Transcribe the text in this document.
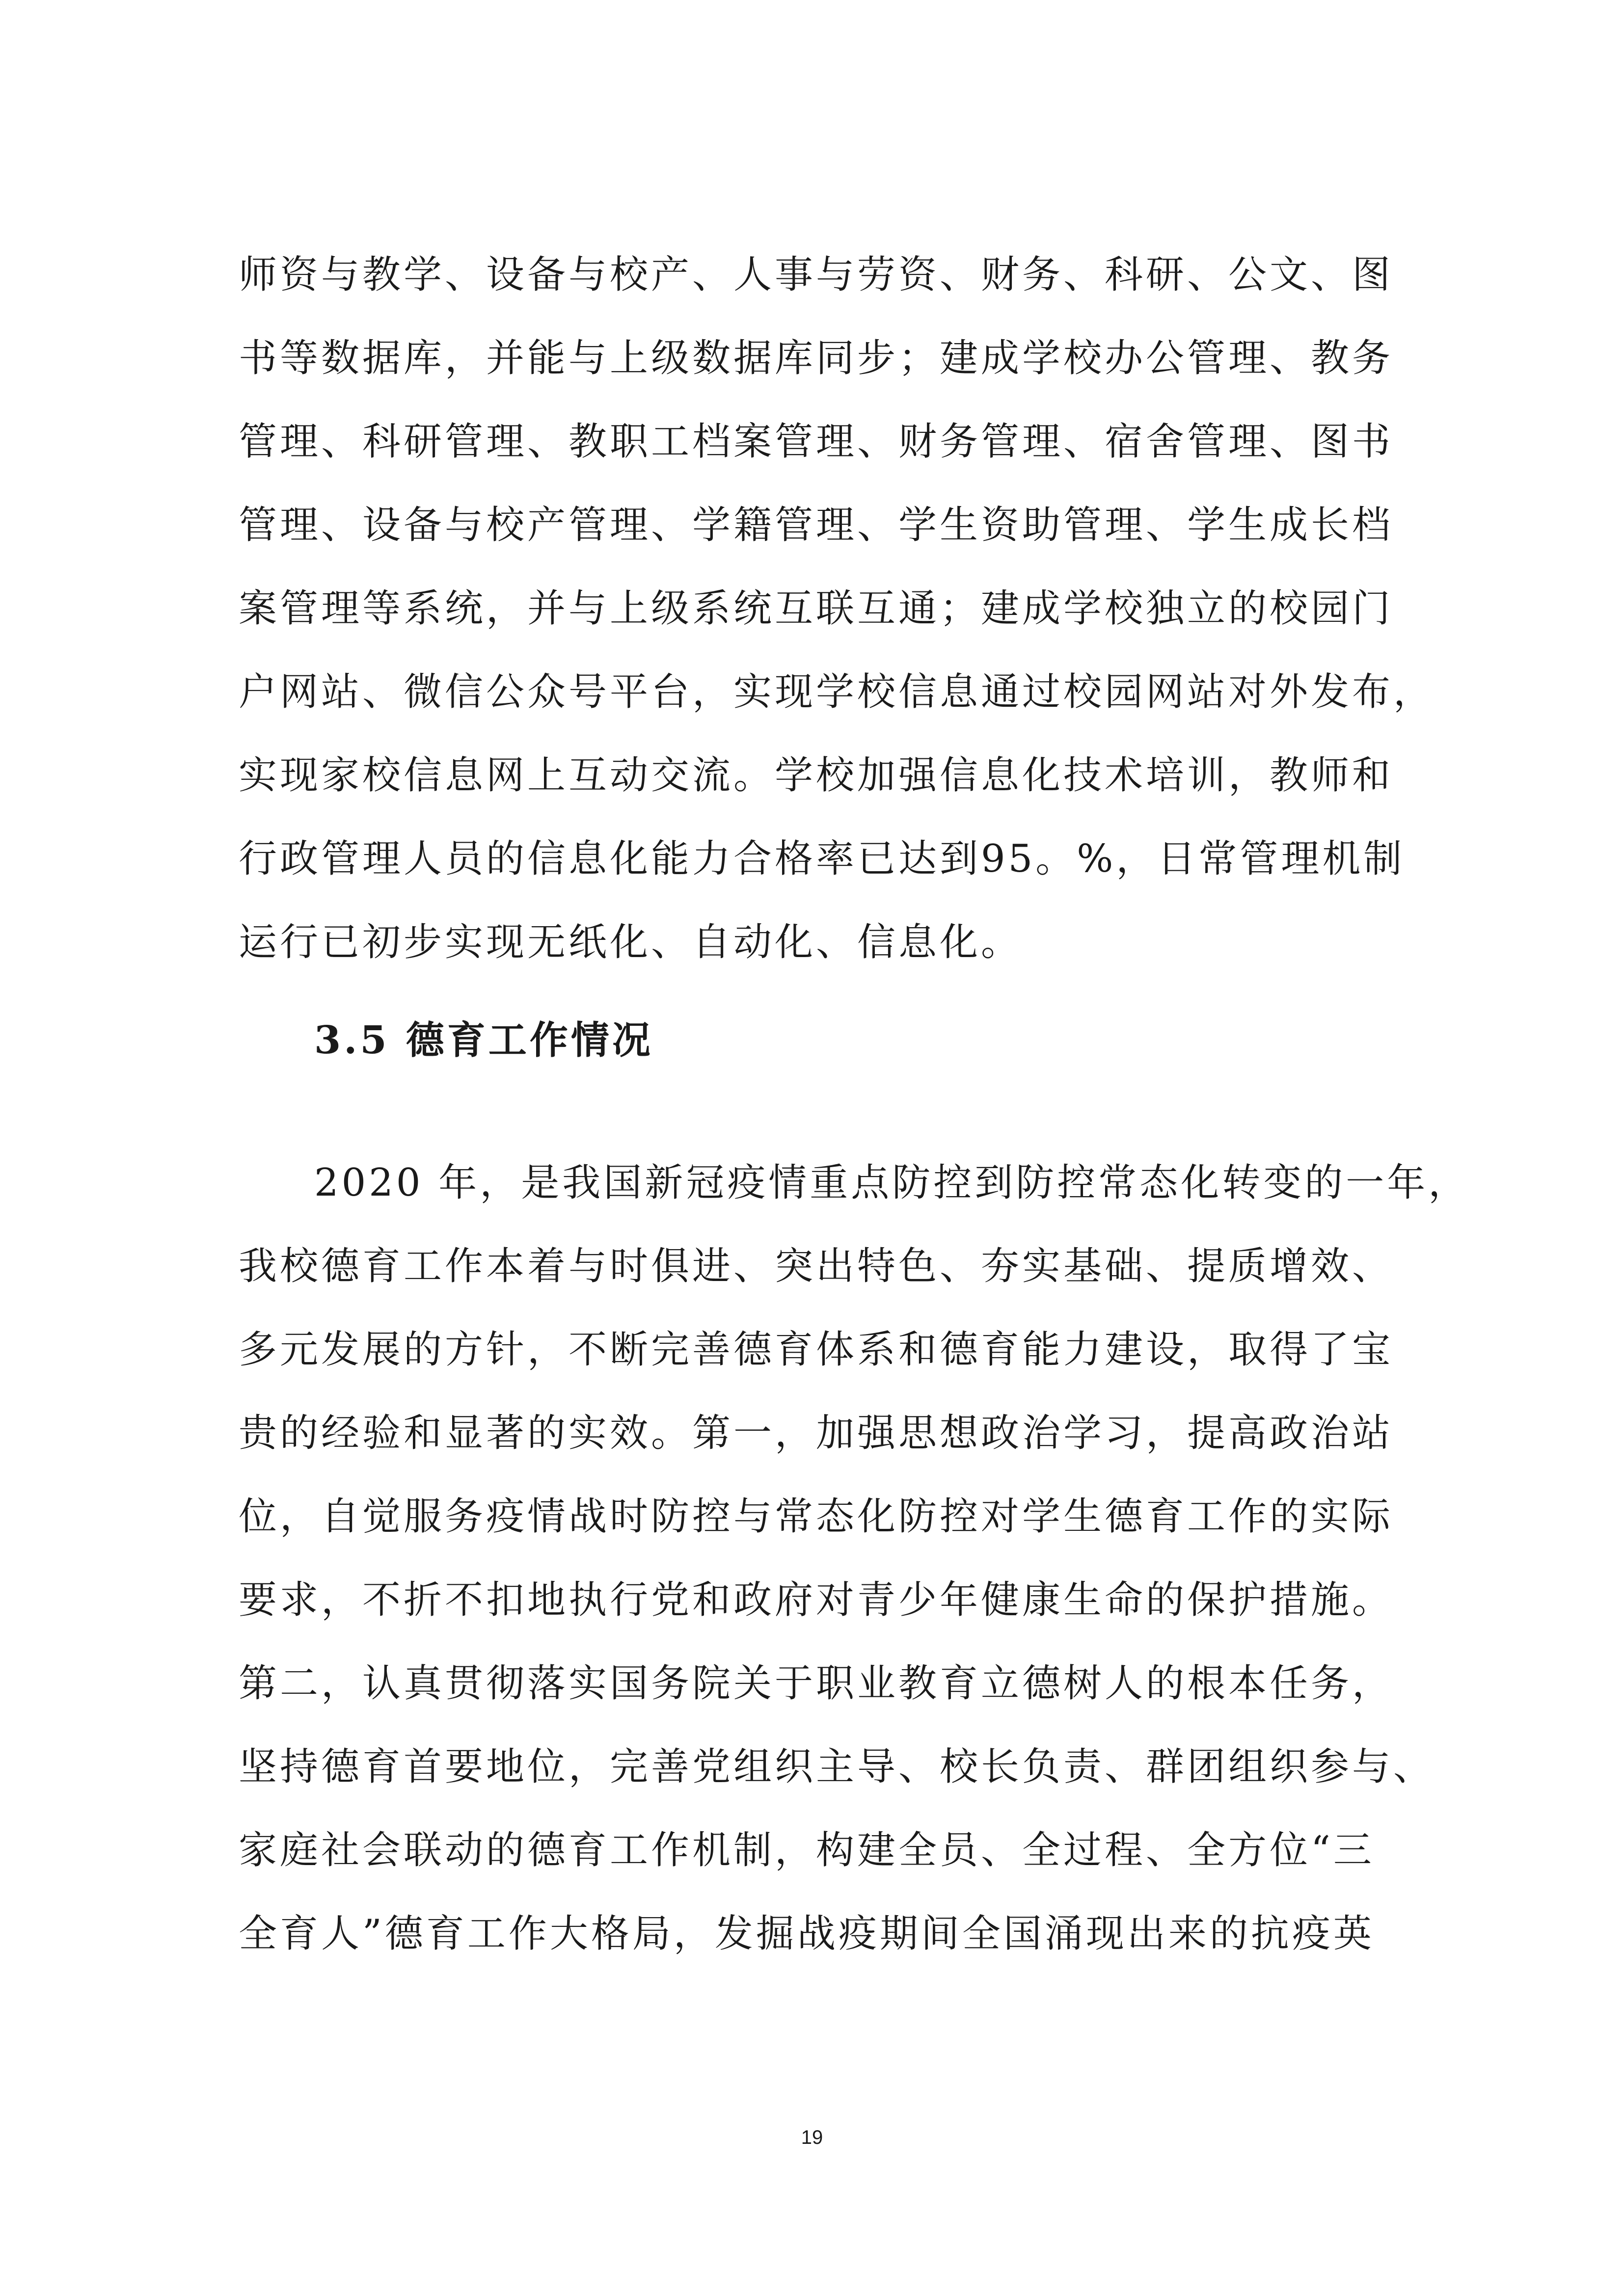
师资与教学、设备与校产、人事与劳资、财务、科研、公文、图
书等数据库，并能与上级数据库同步；建成学校办公管理、教务
管理、科研管理、教职工档案管理、财务管理、宿舍管理、图书
管理、设备与校产管理、学籍管理、学生资助管理、学生成长档
案管理等系统，并与上级系统互联互通；建成学校独立的校园门
户网站、微信公众号平台，实现学校信息通过校园网站对外发布，
实现家校信息网上互动交流。学校加强信息化技术培训，教师和
行政管理人员的信息化能力合格率已达到95。%，日常管理机制
运行已初步实现无纸化、自动化、信息化。
3.5 德育工作情况
2020 年，是我国新冠疫情重点防控到防控常态化转变的一年，
我校德育工作本着与时俱进、突出特色、夯实基础、提质增效、
多元发展的方针，不断完善德育体系和德育能力建设，取得了宝
贵的经验和显著的实效。第一，加强思想政治学习，提高政治站
位，自觉服务疫情战时防控与常态化防控对学生德育工作的实际
要求，不折不扣地执行党和政府对青少年健康生命的保护措施。
第二，认真贯彻落实国务院关于职业教育立德树人的根本任务，
坚持德育首要地位，完善党组织主导、校长负责、群团组织参与、
家庭社会联动的德育工作机制，构建全员、全过程、全方位“三
全育人”德育工作大格局，发掘战疫期间全国涌现出来的抗疫英
19
